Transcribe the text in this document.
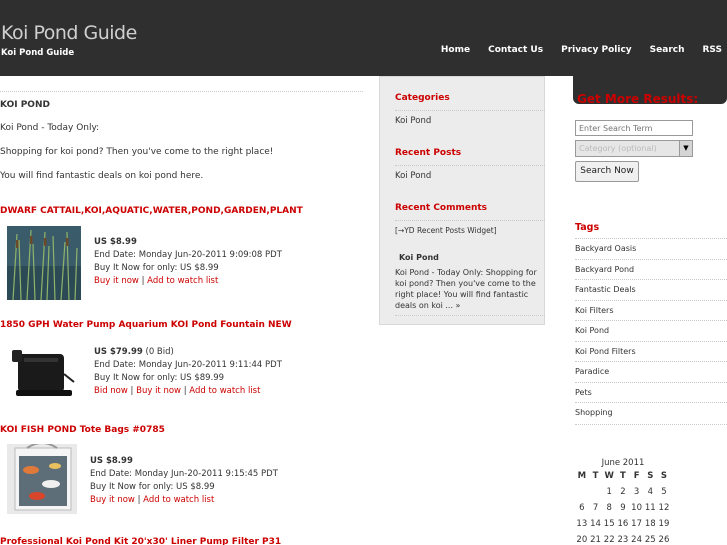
Koi Pond Guide
Koi Pond Guide	Home Contact Us Privacy Policy Search RSS
KOI POND
Koi Pond - Today Only:
Shopping for koi pond? Then you've come to the right place!
You will find fantastic deals on koi pond here.
DWARF CATTAIL,KOI,AQUATIC,WATER,POND,GARDEN,PLANT
US $8.99
End Date: Monday Jun-20-2011 9:09:08 PDT
Buy It Now for only: US $8.99
Buy it now | Add to watch list
1850 GPH Water Pump Aquarium KOI Pond Fountain NEW
US $79.99 (0 Bid)
End Date: Monday Jun-20-2011 9:11:44 PDT
Buy It Now for only: US $89.99
Bid now | Buy it now | Add to watch list
KOI FISH POND Tote Bags #0785
US $8.99
End Date: Monday Jun-20-2011 9:15:45 PDT
Buy It Now for only: US $8.99
Buy it now | Add to watch list
Professional Koi Pond Kit 20'x30' Liner Pump Filter P31
Categories
Koi Pond
Recent Posts
Koi Pond
Recent Comments
[→YD Recent Posts Widget]
Koi Pond
Koi Pond - Today Only: Shopping for koi pond? Then you've come to the right place! You will find fantastic deals on koi ... »
Get More Results:
Enter Search Term
Category (optional)	▼
Search Now
Tags
Backyard Oasis
Backyard Pond
Fantastic Deals
Koi Filters
Koi Pond
Koi Pond Filters
Paradice
Pets
Shopping
June 2011
M T W T F S S
1 2 3 4 5
6 7 8 9 10 11 12
13 14 15 16 17 18 19
20 21 22 23 24 25 26
